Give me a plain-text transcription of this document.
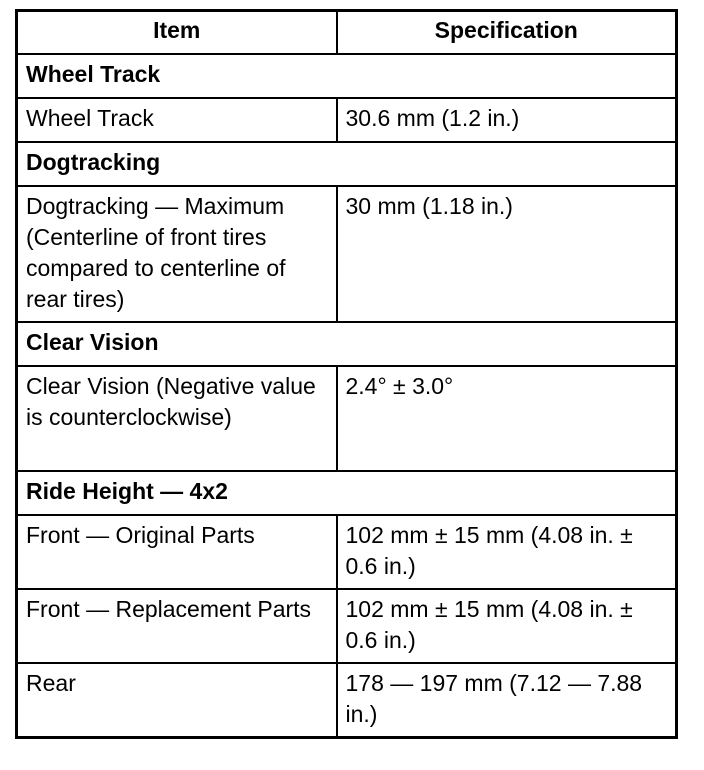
Item	Specification
Wheel Track	
Wheel Track	30.6 mm (1.2 in.)
Dogtracking	
Dogtracking — Maximum (Centerline of front tires compared to centerline of rear tires)	30 mm (1.18 in.)
Clear Vision	
Clear Vision (Negative value is counterclockwise)	2.4° ± 3.0°
Ride Height — 4x2	
Front — Original Parts	102 mm ± 15 mm (4.08 in. ± 0.6 in.)
Front — Replacement Parts	102 mm ± 15 mm (4.08 in. ± 0.6 in.)
Rear	178 — 197 mm (7.12 — 7.88 in.)
